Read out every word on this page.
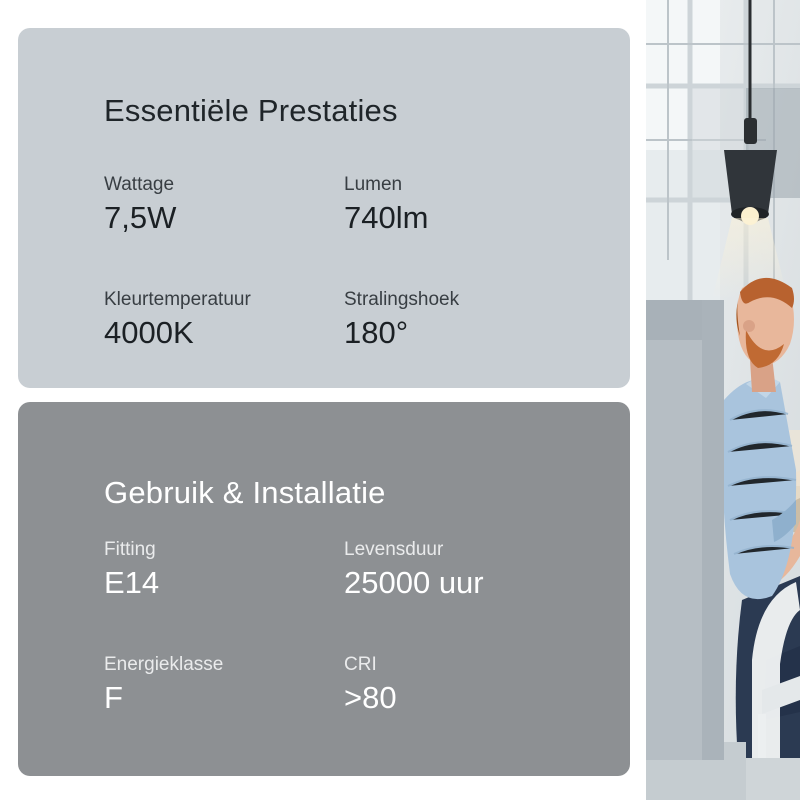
Essentiële Prestaties
Wattage
7,5W
Lumen
740lm
Kleurtemperatuur
4000K
Stralingshoek
180°
Gebruik & Installatie
Fitting
E14
Levensduur
25000 uur
Energieklasse
F
CRI
>80
